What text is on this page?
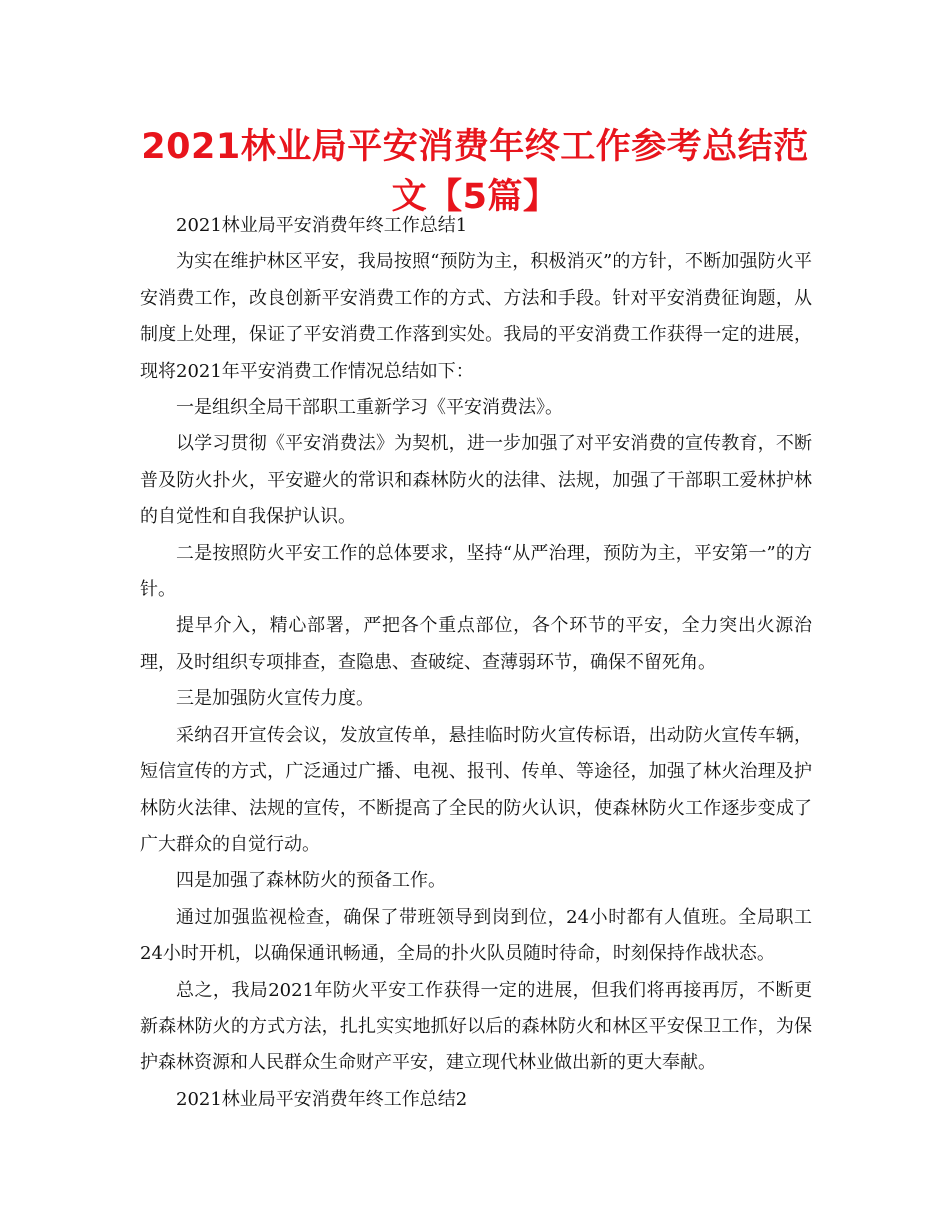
2021林业局平安消费年终工作参考总结范文【5篇】

2021林业局平安消费年终工作总结1

为实在维护林区平安，我局按照“预防为主，积极消灭”的方针，不断加强防火平安消费工作，改良创新平安消费工作的方式、方法和手段。针对平安消费征询题，从制度上处理，保证了平安消费工作落到实处。我局的平安消费工作获得一定的进展，现将2021年平安消费工作情况总结如下：

一是组织全局干部职工重新学习《平安消费法》。

以学习贯彻《平安消费法》为契机，进一步加强了对平安消费的宣传教育，不断普及防火扑火，平安避火的常识和森林防火的法律、法规，加强了干部职工爱林护林的自觉性和自我保护认识。

二是按照防火平安工作的总体要求，坚持“从严治理，预防为主，平安第一”的方针。

提早介入，精心部署，严把各个重点部位，各个环节的平安，全力突出火源治理，及时组织专项排查，查隐患、查破绽、查薄弱环节，确保不留死角。

三是加强防火宣传力度。

采纳召开宣传会议，发放宣传单，悬挂临时防火宣传标语，出动防火宣传车辆，短信宣传的方式，广泛通过广播、电视、报刊、传单、等途径，加强了林火治理及护林防火法律、法规的宣传，不断提高了全民的防火认识，使森林防火工作逐步变成了广大群众的自觉行动。

四是加强了森林防火的预备工作。

通过加强监视检查，确保了带班领导到岗到位，24小时都有人值班。全局职工24小时开机，以确保通讯畅通，全局的扑火队员随时待命，时刻保持作战状态。

总之，我局2021年防火平安工作获得一定的进展，但我们将再接再厉，不断更新森林防火的方式方法，扎扎实实地抓好以后的森林防火和林区平安保卫工作，为保护森林资源和人民群众生命财产平安，建立现代林业做出新的更大奉献。

2021林业局平安消费年终工作总结2
